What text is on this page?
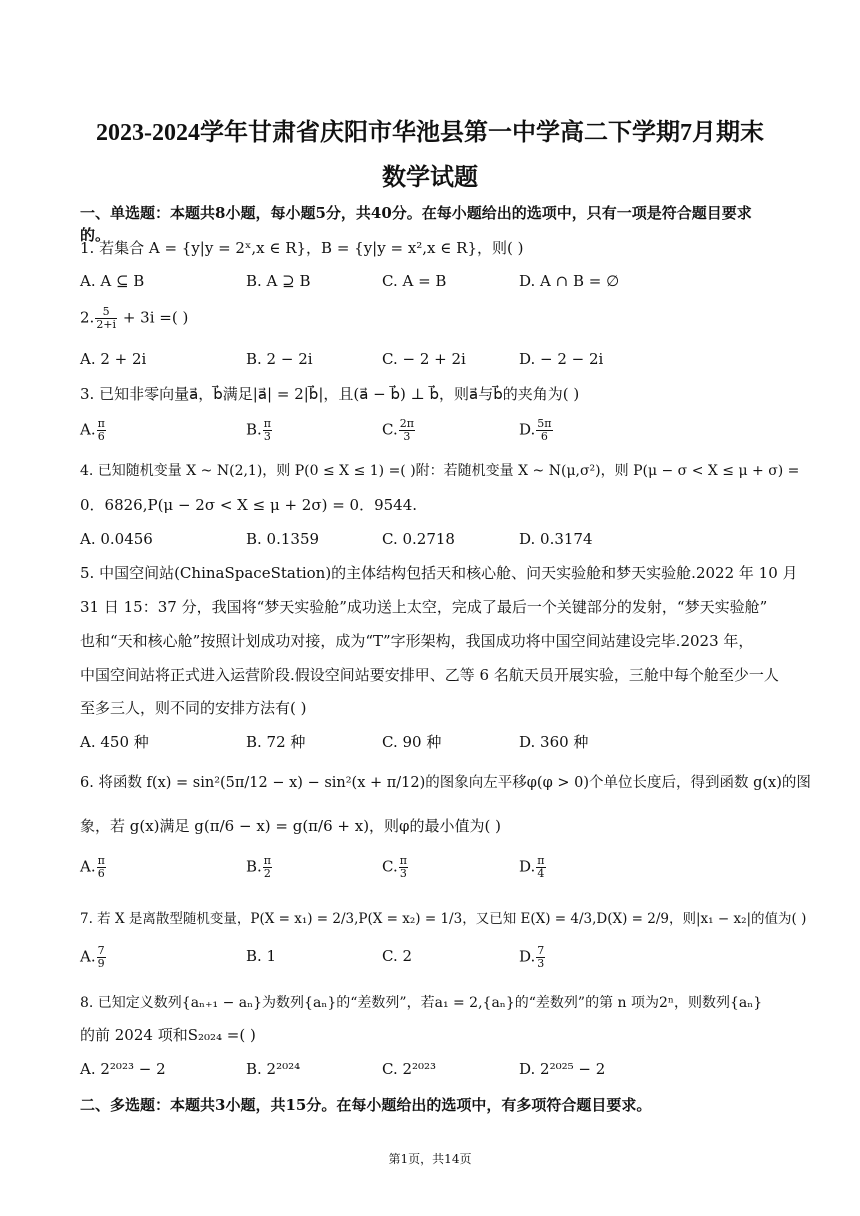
2023-2024学年甘肃省庆阳市华池县第一中学高二下学期7月期末
数学试题
一、单选题：本题共8小题，每小题5分，共40分。在每小题给出的选项中，只有一项是符合题目要求的。
1. 若集合 A = {y|y = 2ˣ,x ∈ R}，B = {y|y = x²,x ∈ R}，则( )
A. A ⊆ B	B. A ⊇ B	C. A = B	D. A ∩ B = ∅
2. $\frac{5}{2+i} + 3i$ =( )
A. 2 + 2i	B. 2 − 2i	C. − 2 + 2i	D. − 2 − 2i
3. 已知非零向量a⃗，b⃗满足|a⃗| = 2|b⃗|，且(a⃗ − b⃗) ⊥ b⃗，则a⃗与b⃗的夹角为( )
A. $\frac{\pi}{6}$	B. $\frac{\pi}{3}$	C. $\frac{2\pi}{3}$	D. $\frac{5\pi}{6}$
4. 已知随机变量 X ~ N(2,1)，则 P(0 ≤ X ≤ 1) =( )附：若随机变量 X ~ N(μ,σ²)，则 P(μ − σ < X ≤ μ + σ) =
0．6826,P(μ − 2σ < X ≤ μ + 2σ) = 0．9544.
A. 0.0456	B. 0.1359	C. 0.2718	D. 0.3174
5. 中国空间站(ChinaSpaceStation)的主体结构包括天和核心舱、问天实验舱和梦天实验舱.2022 年 10 月
31 日 15：37 分，我国将“梦天实验舱”成功送上太空，完成了最后一个关键部分的发射，“梦天实验舱”
也和“天和核心舱”按照计划成功对接，成为“T”字形架构，我国成功将中国空间站建设完毕.2023 年，
中国空间站将正式进入运营阶段.假设空间站要安排甲、乙等 6 名航天员开展实验，三舱中每个舱至少一人
至多三人，则不同的安排方法有( )
A. 450 种	B. 72 种	C. 90 种	D. 360 种
6. 将函数 f(x) = sin²(5π/12 − x) − sin²(x + π/12)的图象向左平移φ(φ > 0)个单位长度后，得到函数 g(x)的图
象，若 g(x)满足 g(π/6 − x) = g(π/6 + x)，则φ的最小值为( )
A. $\frac{\pi}{6}$	B. $\frac{\pi}{2}$	C. $\frac{\pi}{3}$	D. $\frac{\pi}{4}$
7. 若 X 是离散型随机变量，P(X = x₁) = 2/3,P(X = x₂) = 1/3，又已知 E(X) = 4/3,D(X) = 2/9，则|x₁ − x₂|的值为( )
A. $\frac{7}{9}$	B. 1	C. 2	D. $\frac{7}{3}$
8. 已知定义数列{aₙ₊₁ − aₙ}为数列{aₙ}的“差数列”，若a₁ = 2,{aₙ}的“差数列”的第 n 项为2ⁿ，则数列{aₙ}
的前 2024 项和S₂₀₂₄ =( )
A. 2²⁰²³ − 2	B. 2²⁰²⁴	C. 2²⁰²³	D. 2²⁰²⁵ − 2
二、多选题：本题共3小题，共15分。在每小题给出的选项中，有多项符合题目要求。
第1页，共14页
